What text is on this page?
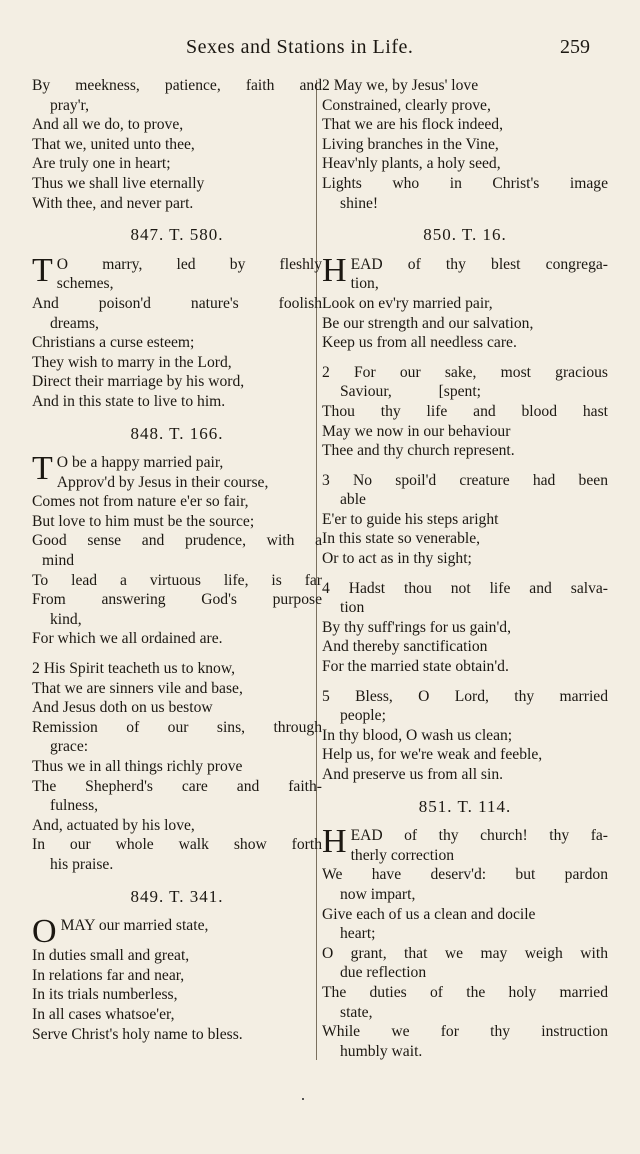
Sexes and Stations in Life.	259
By meekness, patience, faith and
pray'r,
And all we do, to prove,
That we, united unto thee,
Are truly one in heart;
Thus we shall live eternally
With thee, and never part.
847. T. 580.
T O marry, led by fleshly
schemes,
And poison'd nature's foolish
dreams,
Christians a curse esteem;
They wish to marry in the Lord,
Direct their marriage by his word,
And in this state to live to him.
848. T. 166.
T O be a happy married pair,
Approv'd by Jesus in their course,
Comes not from nature e'er so fair,
But love to him must be the source;
Good sense and prudence, with a
mind
To lead a virtuous life, is far
From answering God's purpose
kind,
For which we all ordained are.
2 His Spirit teacheth us to know,
That we are sinners vile and base,
And Jesus doth on us bestow
Remission of our sins, through
grace:
Thus we in all things richly prove
The Shepherd's care and faith-
fulness,
And, actuated by his love,
In our whole walk show forth
his praise.
849. T. 341.
O MAY our married state,
In duties small and great,
In relations far and near,
In its trials numberless,
In all cases whatsoe'er,
Serve Christ's holy name to bless.
2 May we, by Jesus' love
Constrained, clearly prove,
That we are his flock indeed,
Living branches in the Vine,
Heav'nly plants, a holy seed,
Lights who in Christ's image
shine!
850. T. 16.
H EAD of thy blest congrega-
tion,
Look on ev'ry married pair,
Be our strength and our salvation,
Keep us from all needless care.
2 For our sake, most gracious
Saviour,            [spent;
Thou thy life and blood hast
May we now in our behaviour
Thee and thy church represent.
3 No spoil'd creature had been
able
E'er to guide his steps aright
In this state so venerable,
Or to act as in thy sight;
4 Hadst thou not life and salva-
tion
By thy suff'rings for us gain'd,
And thereby sanctification
For the married state obtain'd.
5 Bless, O Lord, thy married
people;
In thy blood, O wash us clean;
Help us, for we're weak and feeble,
And preserve us from all sin.
851. T. 114.
H EAD of thy church! thy fa-
therly correction
We have deserv'd: but pardon
now impart,
Give each of us a clean and docile
heart;
O grant, that we may weigh with
due reflection
The duties of the holy married
state,
While we for thy instruction
humbly wait.
